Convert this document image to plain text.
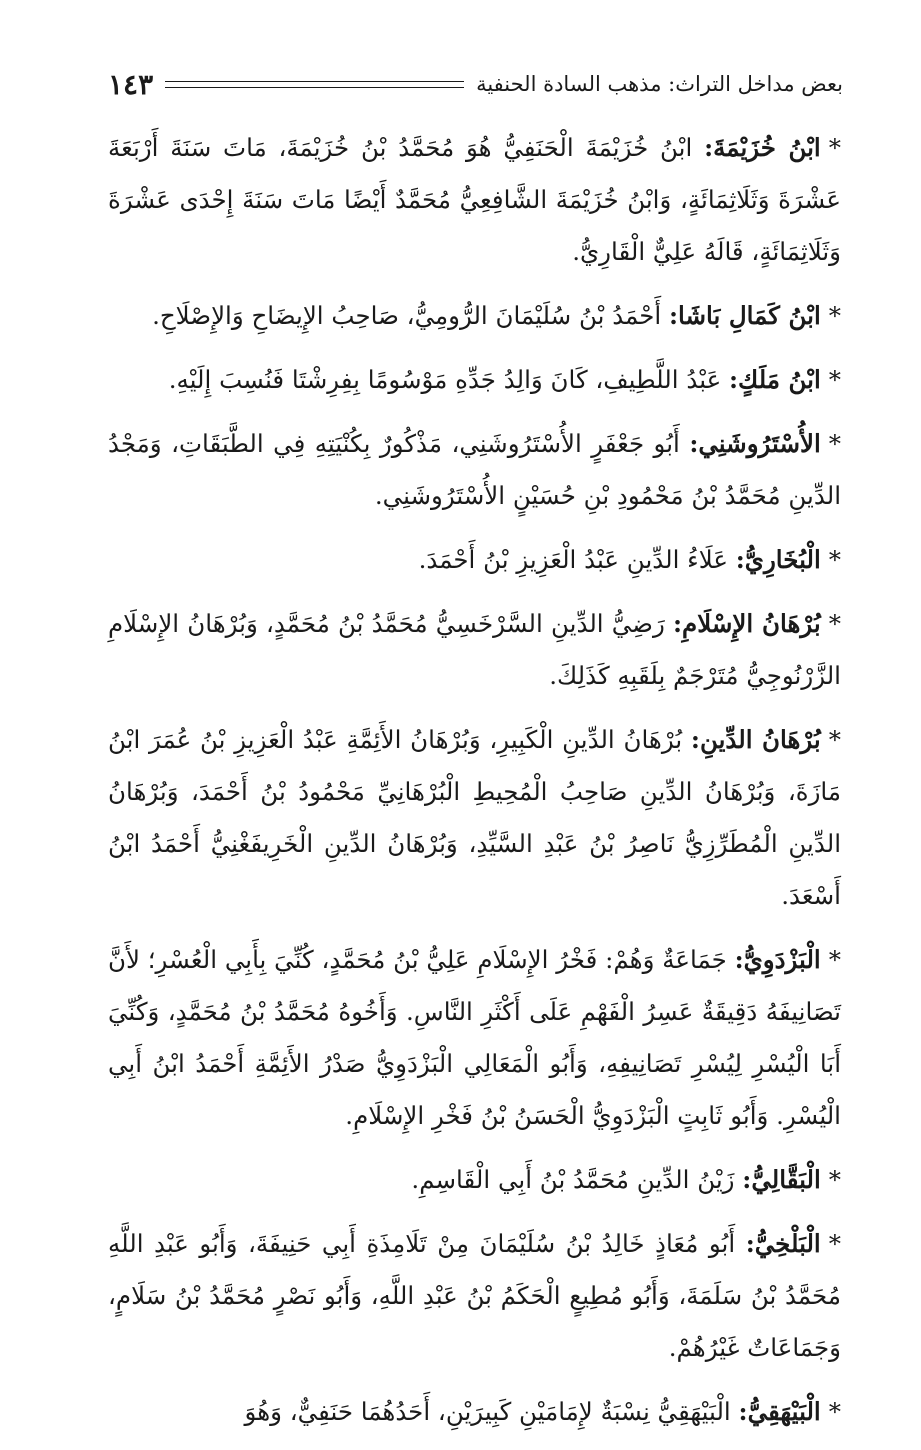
بعض مداخل التراث: مذهب السادة الحنفية
١٤٣

*ابْنُ خُزَيْمَةَ: ابْنُ خُزَيْمَةَ الْحَنَفِيُّ هُوَ مُحَمَّدُ بْنُ خُزَيْمَةَ، مَاتَ سَنَةَ أَرْبَعَةَ عَشْرَةَ وَثَلَاثِمَائَةٍ، وَابْنُ خُزَيْمَةَ الشَّافِعِيُّ مُحَمَّدٌ أَيْضًا مَاتَ سَنَةَ إِحْدَى عَشْرَةَ وَثَلَاثِمَائَةٍ، قَالَهُ عَلِيٌّ الْقَارِيُّ.

*ابْنُ كَمَالِ بَاشَا: أَحْمَدُ بْنُ سُلَيْمَانَ الرُّومِيُّ، صَاحِبُ الإِيضَاحِ وَالإِصْلَاحِ.

*ابْنُ مَلَكٍ: عَبْدُ اللَّطِيفِ، كَانَ وَالِدُ جَدِّهِ مَوْسُومًا بِفِرِشْتَا فَنُسِبَ إِلَيْهِ.

*الأُسْتَرُوشَنِي: أَبُو جَعْفَرٍ الأُسْتَرُوشَنِي، مَذْكُورٌ بِكُنْيَتِهِ فِي الطَّبَقَاتِ، وَمَجْدُ الدِّينِ مُحَمَّدُ بْنُ مَحْمُودِ بْنِ حُسَيْنٍ الأُسْتَرُوشَنِي.

*الْبُخَارِيُّ: عَلَاءُ الدِّينِ عَبْدُ الْعَزِيزِ بْنُ أَحْمَدَ.

*بُرْهَانُ الإِسْلَامِ: رَضِيُّ الدِّينِ السَّرْخَسِيُّ مُحَمَّدُ بْنُ مُحَمَّدٍ، وَبُرْهَانُ الإِسْلَامِ الزَّرْنُوجِيُّ مُتَرْجَمٌ بِلَقَبِهِ كَذَلِكَ.

*بُرْهَانُ الدِّينِ: بُرْهَانُ الدِّينِ الْكَبِيرِ، وَبُرْهَانُ الأَئِمَّةِ عَبْدُ الْعَزِيزِ بْنُ عُمَرَ ابْنُ مَازَةَ، وَبُرْهَانُ الدِّينِ صَاحِبُ الْمُحِيطِ الْبُرْهَانِيِّ مَحْمُودُ بْنُ أَحْمَدَ، وَبُرْهَانُ الدِّينِ الْمُطَرِّزِيُّ نَاصِرُ بْنُ عَبْدِ السَّيِّدِ، وَبُرْهَانُ الدِّينِ الْخَرِيفَغْنِيُّ أَحْمَدُ ابْنُ أَسْعَدَ.

*الْبَزْدَوِيُّ: جَمَاعَةٌ وَهُمْ: فَخْرُ الإِسْلَامِ عَلِيُّ بْنُ مُحَمَّدٍ، كُنِّيَ بِأَبِي الْعُسْرِ؛ لأَنَّ تَصَانِيفَهُ دَقِيقَةٌ عَسِرُ الْفَهْمِ عَلَى أَكْثَرِ النَّاسِ. وَأَخُوهُ مُحَمَّدُ بْنُ مُحَمَّدٍ، وَكُنِّيَ أَبَا الْيُسْرِ لِيُسْرِ تَصَانِيفِهِ، وَأَبُو الْمَعَالِي الْبَزْدَوِيُّ صَدْرُ الأَئِمَّةِ أَحْمَدُ ابْنُ أَبِي الْيُسْرِ. وَأَبُو ثَابِتٍ الْبَزْدَوِيُّ الْحَسَنُ بْنُ فَخْرِ الإِسْلَامِ.

*الْبَقَّالِيُّ: زَيْنُ الدِّينِ مُحَمَّدُ بْنُ أَبِي الْقَاسِمِ.

*الْبَلْخِيُّ: أَبُو مُعَاذٍ خَالِدُ بْنُ سُلَيْمَانَ مِنْ تَلَامِذَةِ أَبِي حَنِيفَةَ، وَأَبُو عَبْدِ اللَّهِ مُحَمَّدُ بْنُ سَلَمَةَ، وَأَبُو مُطِيعٍ الْحَكَمُ بْنُ عَبْدِ اللَّهِ، وَأَبُو نَصْرٍ مُحَمَّدُ بْنُ سَلَامٍ، وَجَمَاعَاتٌ غَيْرُهُمْ.

*الْبَيْهَقِيُّ: الْبَيْهَقِيُّ نِسْبَةٌ لإِمَامَيْنِ كَبِيرَيْنِ، أَحَدُهُمَا حَنَفِيٌّ، وَهُوَ
